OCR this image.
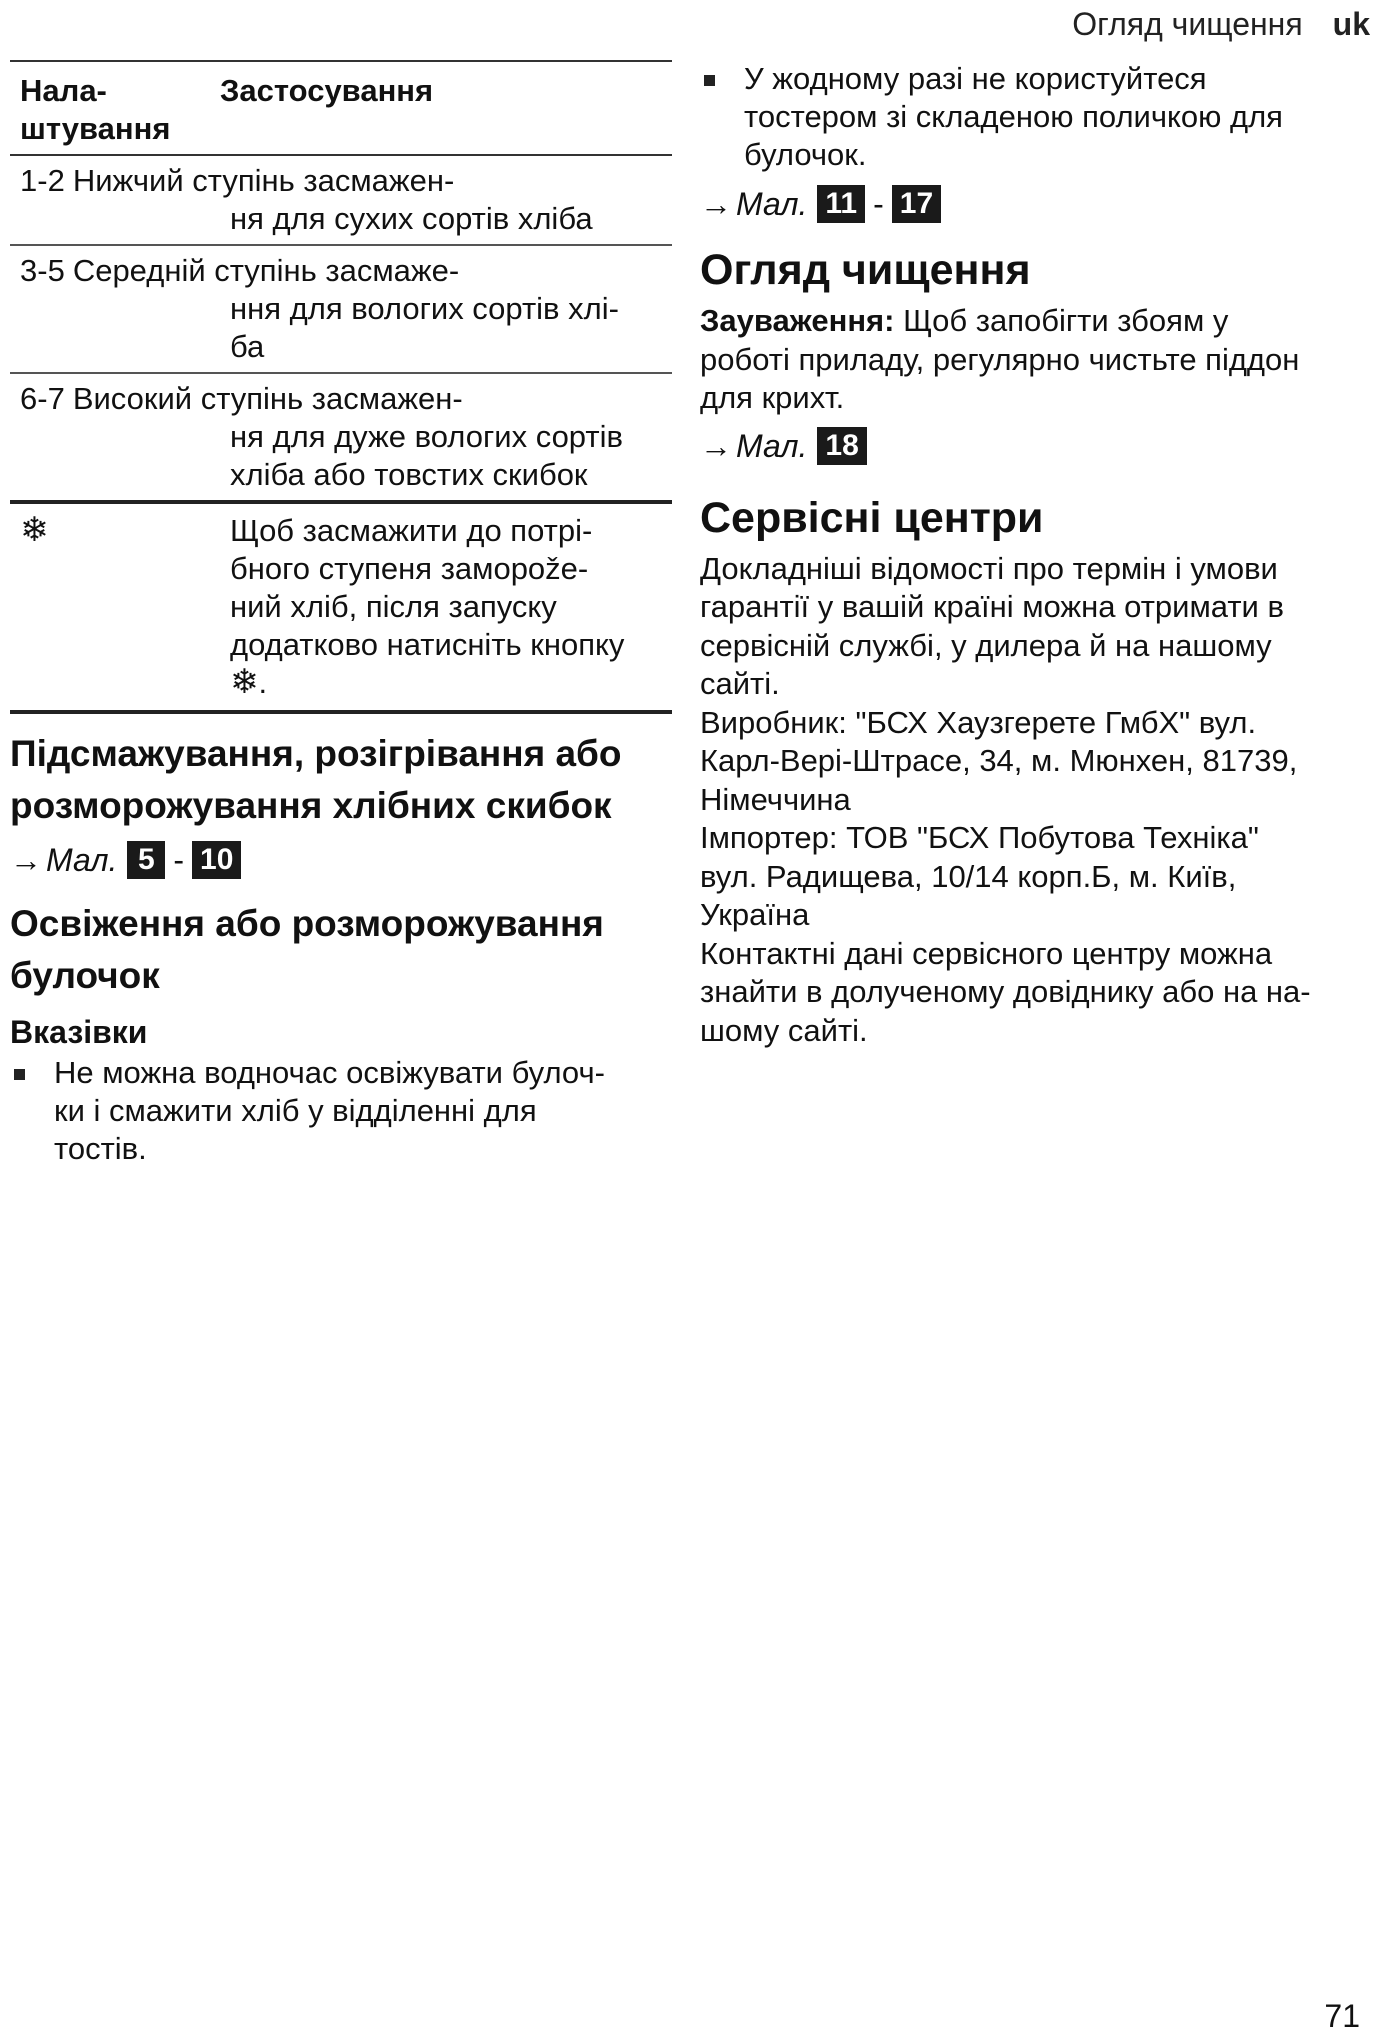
Огляд чищення uk
Нала-
штування
Застосування
1-2 Нижчий ступінь засмажен-
ня для сухих сортів хліба
3-5 Середній ступінь засмаже-
ння для вологих сортів хлі-
ба
6-7 Високий ступінь засмажен-
ня для дуже вологих сортів
хліба або товстих скибок
❄	Щоб засмажити до потрі-
бного ступеня заморože-
ний хліб, після запуску
додатково натисніть кнопку
❄.
Підсмажування, розігрівання або
розморожування хлібних скибок
→ Мал. 5 - 10
Освіження або розморожування
булочок
Вказівки
Не можна водночас освіжувати булоч-
ки і смажити хліб у відділенні для
тостів.
У жодному разі не користуйтеся
тостером зі складеною поличкою для
булочок.
→ Мал. 11 - 17
Огляд чищення

Зауваження: Щоб запобігти збоям у

роботі приладу, регулярно чистьте піддон

для крихт.

→ Мал. 18
Сервісні центри

Докладніші відомості про термін і умови

гарантії у вашій країні можна отримати в

сервісній службі, у дилера й на нашому

сайті.

Виробник: "БСХ Хаузгерете ГмбХ" вул.

Карл-Вері-Штрасе, 34, м. Мюнхен, 81739,

Німеччина

Імпортер: ТОВ "БСХ Побутова Техніка"

вул. Радищева, 10/14 корп.Б, м. Київ,

Україна

Контактні дані сервісного центру можна

знайти в долученому довіднику або на на-

шому сайті.

71
